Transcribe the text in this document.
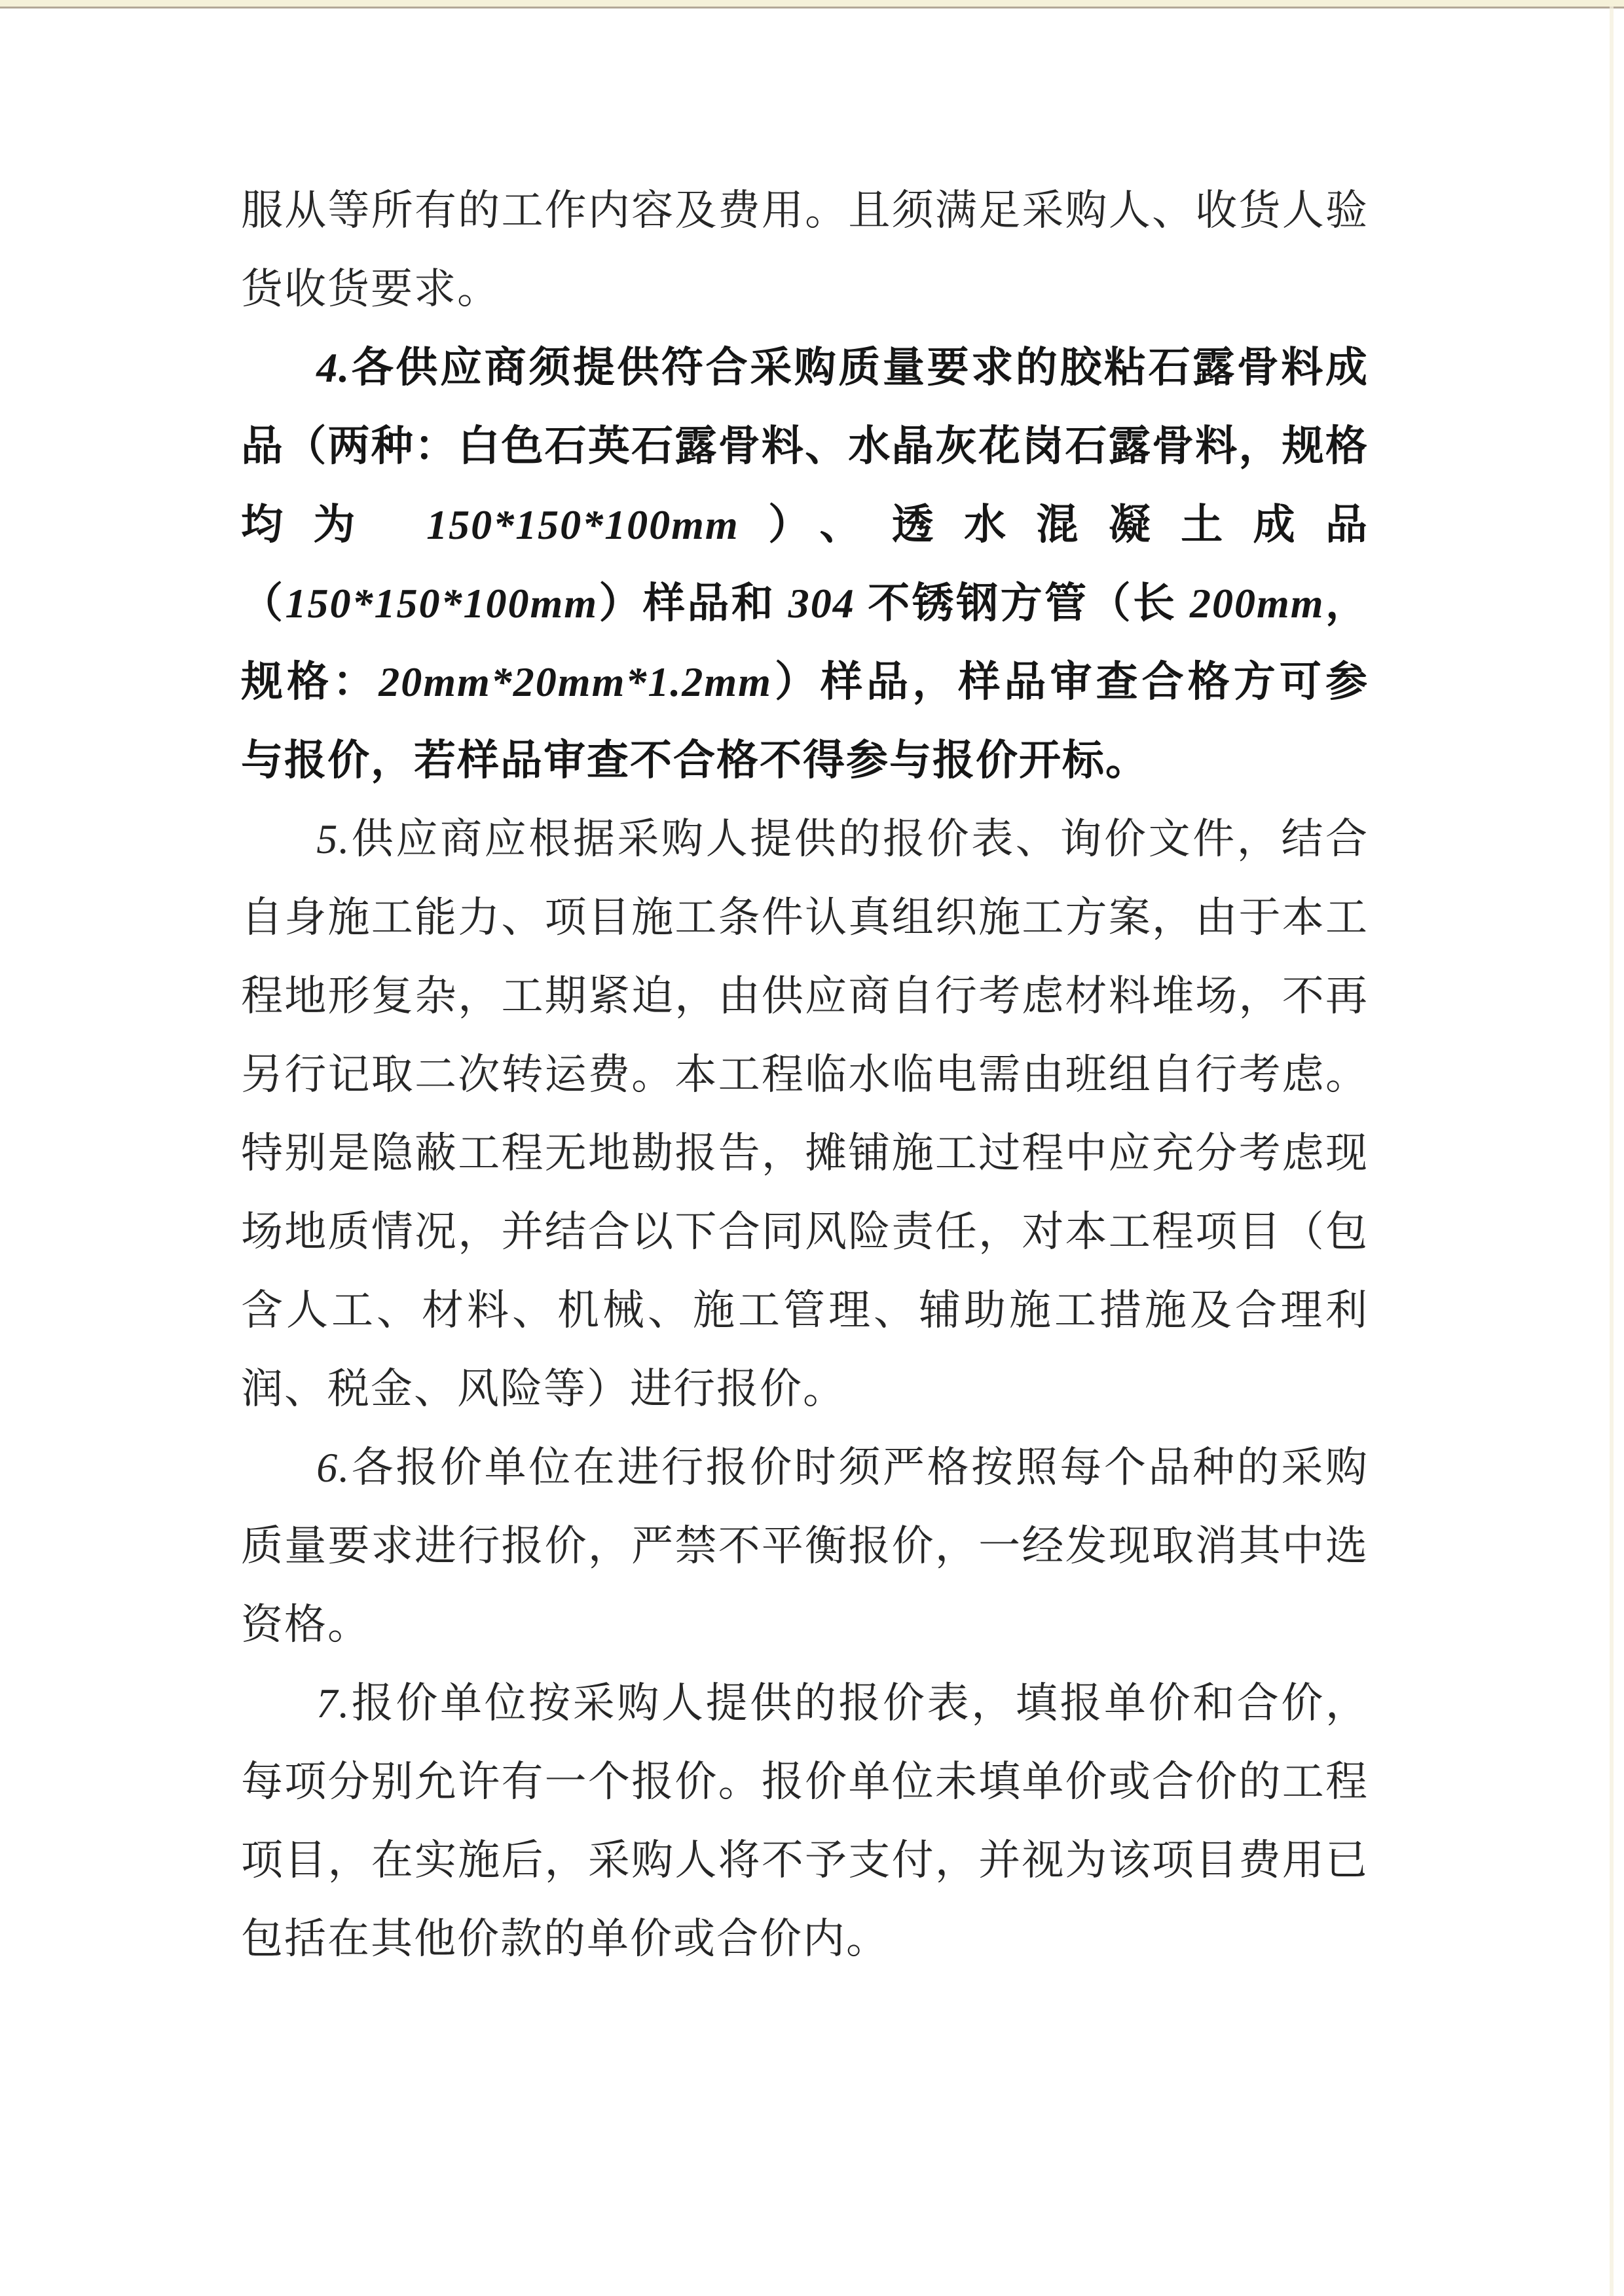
服从等所有的工作内容及费用。且须满足采购人、收货人验货收货要求。

4.各供应商须提供符合采购质量要求的胶粘石露骨料成品（两种：白色石英石露骨料、水晶灰花岗石露骨料，规格均为 150*150*100mm）、透水混凝土成品（150*150*100mm）样品和 304 不锈钢方管（长 200mm，规格：20mm*20mm*1.2mm）样品，样品审查合格方可参与报价，若样品审查不合格不得参与报价开标。

5.供应商应根据采购人提供的报价表、询价文件，结合自身施工能力、项目施工条件认真组织施工方案，由于本工程地形复杂，工期紧迫，由供应商自行考虑材料堆场，不再另行记取二次转运费。本工程临水临电需由班组自行考虑。特别是隐蔽工程无地勘报告，摊铺施工过程中应充分考虑现场地质情况，并结合以下合同风险责任，对本工程项目（包含人工、材料、机械、施工管理、辅助施工措施及合理利润、税金、风险等）进行报价。

6.各报价单位在进行报价时须严格按照每个品种的采购质量要求进行报价，严禁不平衡报价，一经发现取消其中选资格。

7.报价单位按采购人提供的报价表，填报单价和合价，每项分别允许有一个报价。报价单位未填单价或合价的工程项目，在实施后，采购人将不予支付，并视为该项目费用已包括在其他价款的单价或合价内。
